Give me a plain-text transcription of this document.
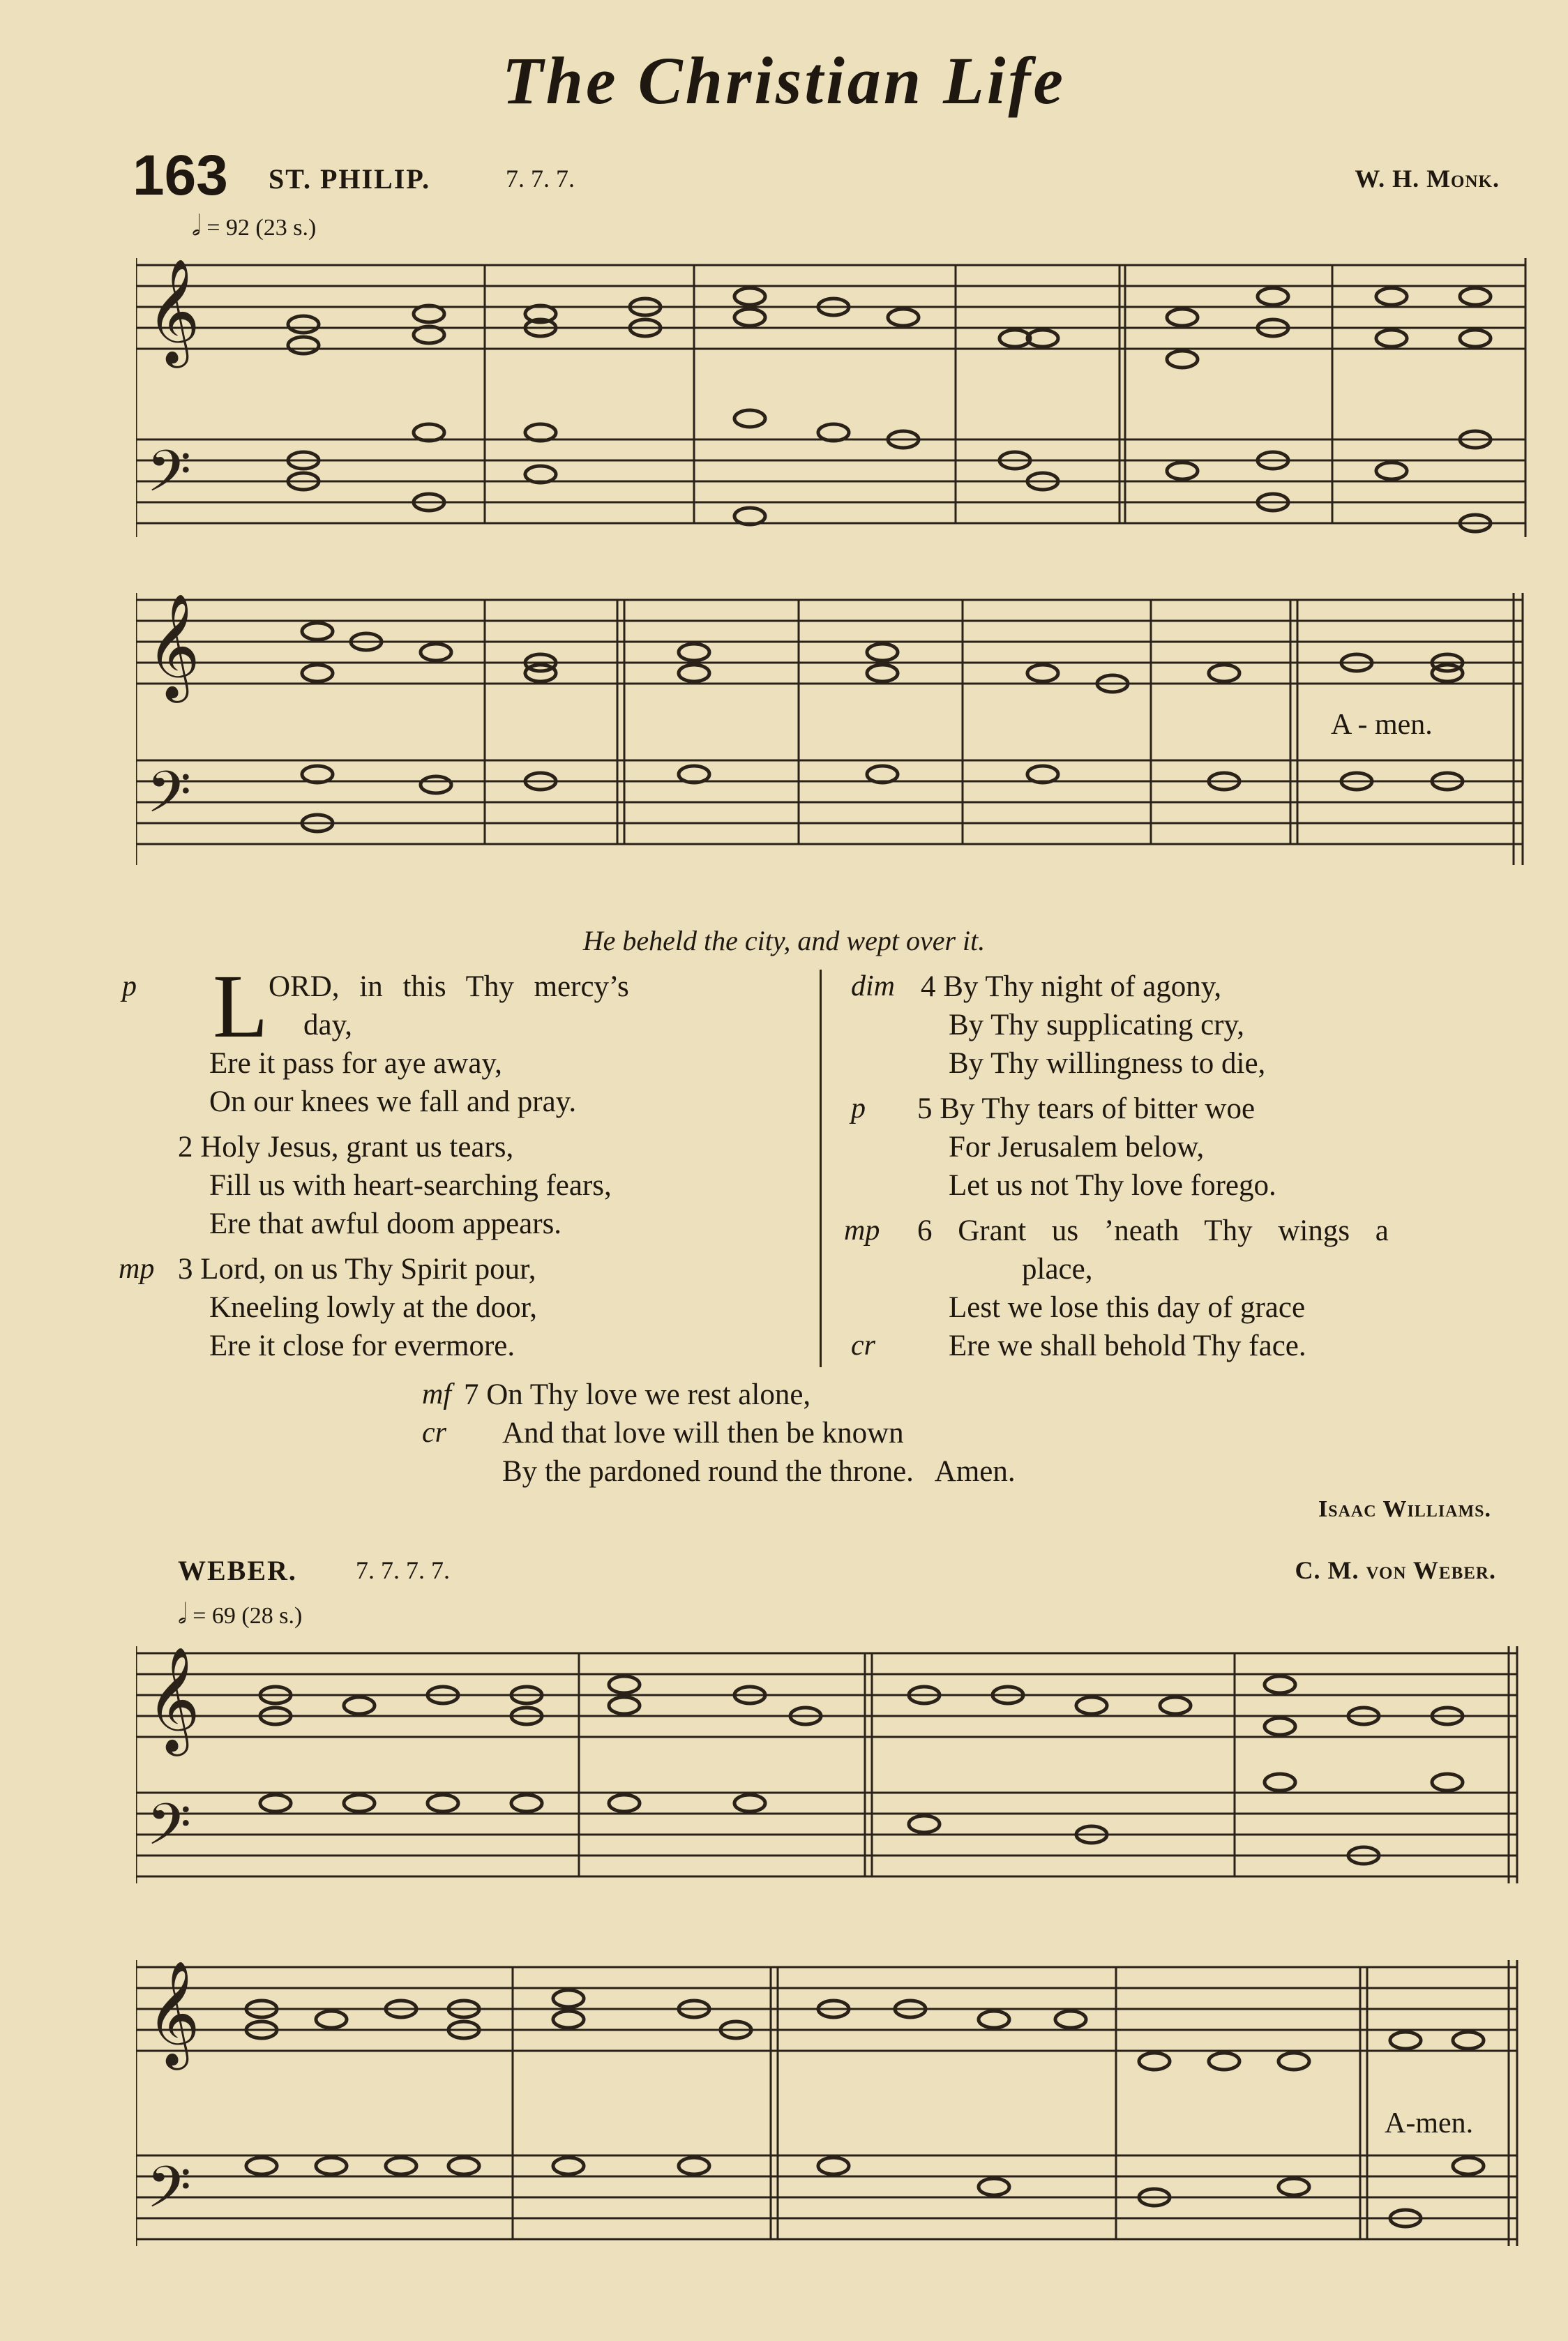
The Christian Life
163 ST. PHILIP.	7. 7. 7.	W. H. Monk.
𝅗𝅥 = 92 (23 s.)
𝄞
𝄢
𝄞
𝄢
A - men.
He beheld the city, and wept over it.
p L ORD, in this Thy mercy’s
day,
Ere it pass for aye away,
On our knees we fall and pray.
2 Holy Jesus, grant us tears,
Fill us with heart-searching fears,
Ere that awful doom appears.
mp 3 Lord, on us Thy Spirit pour,
Kneeling lowly at the door,
Ere it close for evermore.
dim 4 By Thy night of agony,
By Thy supplicating cry,
By Thy willingness to die,
p 5 By Thy tears of bitter woe
For Jerusalem below,
Let us not Thy love forego.
mp 6 Grant us ’neath Thy wings a
place,
Lest we lose this day of grace
cr Ere we shall behold Thy face.
mf 7 On Thy love we rest alone,
cr And that love will then be known
By the pardoned round the throne.   Amen.
Isaac Williams.
WEBER. 7. 7. 7. 7.	C. M. von Weber.
𝅗𝅥 = 69 (28 s.)
𝄞
𝄢
𝄞
𝄢
A-men.
